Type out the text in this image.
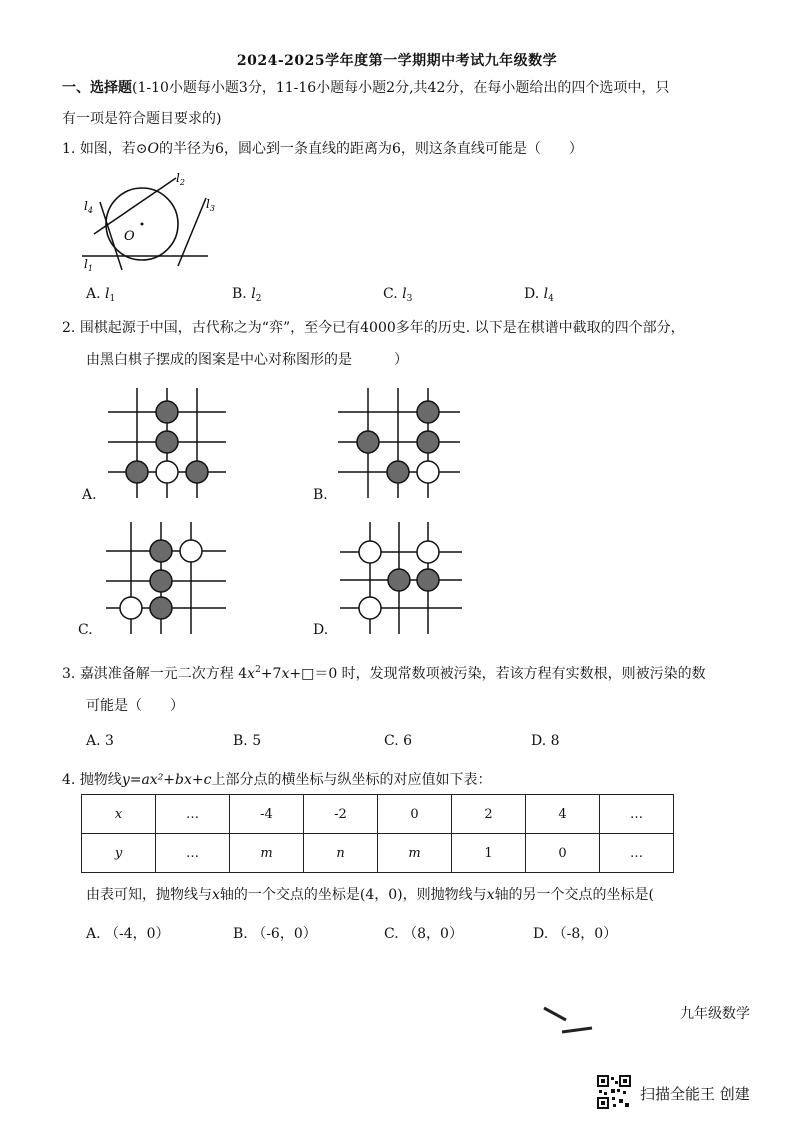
2024-2025学年度第一学期期中考试九年级数学
一、选择题(1-10小题每小题3分，11-16小题每小题2分,共42分，在每小题给出的四个选项中，只
有一项是符合题目要求的)
1. 如图，若⊙O的半径为6，圆心到一条直线的距离为6，则这条直线可能是（　　）
O
$l_1$
$l_2$
$l_3$
$l_4$
A. $l_1$	B. $l_2$	C. $l_3$	D. $l_4$
2. 围棋起源于中国，古代称之为“弈”，至今已有4000多年的历史. 以下是在棋谱中截取的四个部分，
由黑白棋子摆成的图案是中心对称图形的是　　　）
A.	B.
C.	D.
3. 嘉淇准备解一元二次方程 $4x^2+7x+□=0$ 时，发现常数项被污染，若该方程有实数根，则被污染的数
可能是（　　）
A. 3	B. 5	C. 6	D. 8
4. 抛物线y=ax²+bx+c上部分点的横坐标与纵坐标的对应值如下表：
x	…	-4	-2	0	2	4	…
y	…	m	n	m	1	0	…
由表可知，抛物线与x轴的一个交点的坐标是(4，0)，则抛物线与x轴的另一个交点的坐标是(
A. （-4，0）	B. （-6，0）	C. （8，0）	D. （-8，0）
九年级数学
扫描全能王 创建
